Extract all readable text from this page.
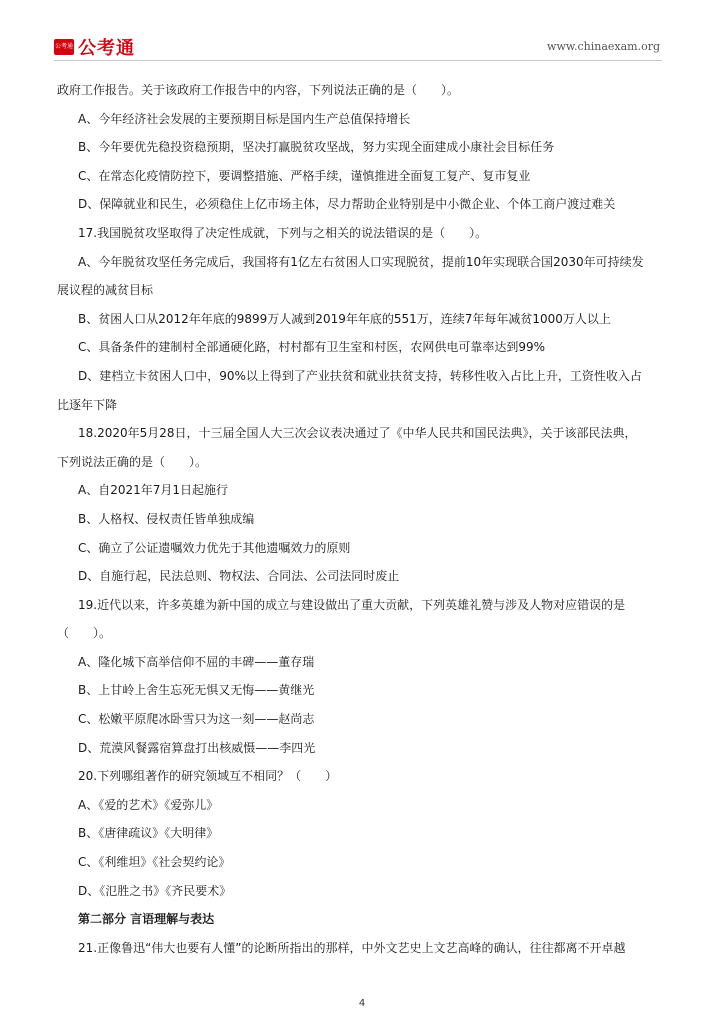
公考通 公考通	www.chinaexam.org

政府工作报告。关于该政府工作报告中的内容，下列说法正确的是（　　）。

A、今年经济社会发展的主要预期目标是国内生产总值保持增长

B、今年要优先稳投资稳预期，坚决打赢脱贫攻坚战，努力实现全面建成小康社会目标任务

C、在常态化疫情防控下，要调整措施、严格手续，谨慎推进全面复工复产、复市复业

D、保障就业和民生，必须稳住上亿市场主体，尽力帮助企业特别是中小微企业、个体工商户渡过难关

17.我国脱贫攻坚取得了决定性成就，下列与之相关的说法错误的是（　　）。

A、今年脱贫攻坚任务完成后，我国将有1亿左右贫困人口实现脱贫，提前10年实现联合国2030年可持续发

展议程的减贫目标

B、贫困人口从2012年年底的9899万人减到2019年年底的551万，连续7年每年减贫1000万人以上

C、具备条件的建制村全部通硬化路，村村都有卫生室和村医，农网供电可靠率达到99%

D、建档立卡贫困人口中，90%以上得到了产业扶贫和就业扶贫支持，转移性收入占比上升，工资性收入占

比逐年下降

18.2020年5月28日，十三届全国人大三次会议表决通过了《中华人民共和国民法典》，关于该部民法典，

下列说法正确的是（　　）。

A、自2021年7月1日起施行

B、人格权、侵权责任皆单独成编

C、确立了公证遗嘱效力优先于其他遗嘱效力的原则

D、自施行起，民法总则、物权法、合同法、公司法同时废止

19.近代以来，许多英雄为新中国的成立与建设做出了重大贡献，下列英雄礼赞与涉及人物对应错误的是

（　　）。

A、隆化城下高举信仰不屈的丰碑——董存瑞

B、上甘岭上舍生忘死无惧又无悔——黄继光

C、松嫩平原爬冰卧雪只为这一刻——赵尚志

D、荒漠风餐露宿算盘打出核威慑——李四光

20.下列哪组著作的研究领域互不相同？（　　）

A、《爱的艺术》《爱弥儿》

B、《唐律疏议》《大明律》

C、《利维坦》《社会契约论》

D、《氾胜之书》《齐民要术》

第二部分 言语理解与表达

21.正像鲁迅“伟大也要有人懂”的论断所指出的那样，中外文艺史上文艺高峰的确认，往往都离不开卓越

4
